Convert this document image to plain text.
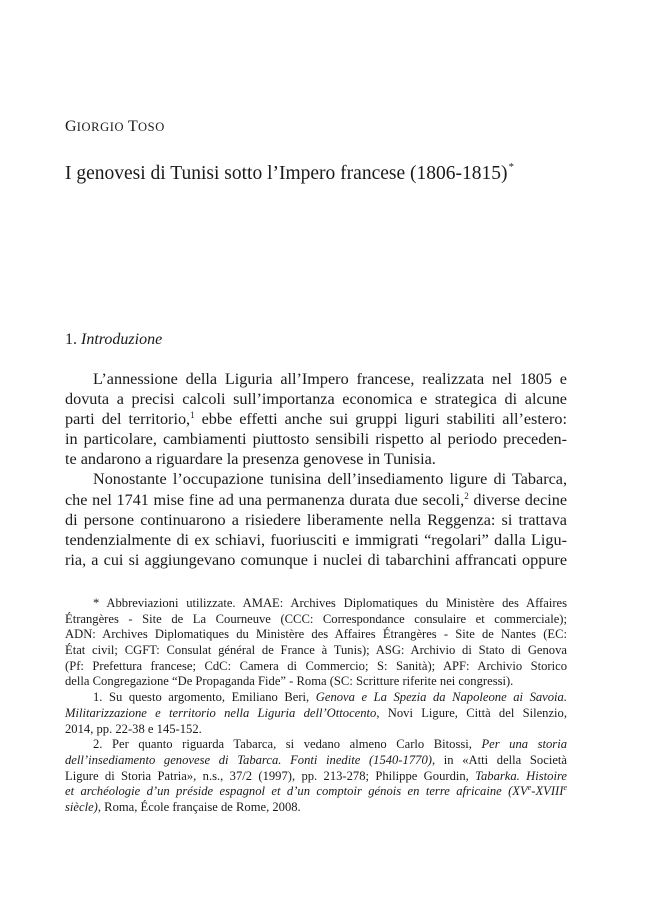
GIORGIO TOSO
I genovesi di Tunisi sotto l’Impero francese (1806-1815)*
1. Introduzione
L’annessione della Liguria all’Impero francese, realizzata nel 1805 e
dovuta a precisi calcoli sull’importanza economica e strategica di alcune
parti del territorio,$^1$ ebbe effetti anche sui gruppi liguri stabiliti all’estero:
in particolare, cambiamenti piuttosto sensibili rispetto al periodo preceden-
te andarono a riguardare la presenza genovese in Tunisia.
Nonostante l’occupazione tunisina dell’insediamento ligure di Tabarca,
che nel 1741 mise fine ad una permanenza durata due secoli,$^2$ diverse decine
di persone continuarono a risiedere liberamente nella Reggenza: si trattava
tendenzialmente di ex schiavi, fuoriusciti e immigrati “regolari” dalla Ligu-
ria, a cui si aggiungevano comunque i nuclei di tabarchini affrancati oppure
* Abbreviazioni utilizzate. AMAE: Archives Diplomatiques du Ministère des Affaires
Étrangères - Site de La Courneuve (CCC: Correspondance consulaire et commerciale);
ADN: Archives Diplomatiques du Ministère des Affaires Étrangères - Site de Nantes (EC:
État civil; CGFT: Consulat général de France à Tunis); ASG: Archivio di Stato di Genova
(Pf: Prefettura francese; CdC: Camera di Commercio; S: Sanità); APF: Archivio Storico
della Congregazione “De Propaganda Fide” - Roma (SC: Scritture riferite nei congressi).
1. Su questo argomento, Emiliano Beri, Genova e La Spezia da Napoleone ai Savoia.
Militarizzazione e territorio nella Liguria dell’Ottocento, Novi Ligure, Città del Silenzio,
2014, pp. 22-38 e 145-152.
2. Per quanto riguarda Tabarca, si vedano almeno Carlo Bitossi, Per una storia
dell’insediamento genovese di Tabarca. Fonti inedite (1540-1770), in «Atti della Società
Ligure di Storia Patria», n.s., 37/2 (1997), pp. 213-278; Philippe Gourdin, Tabarka. Histoire
et archéologie d’un préside espagnol et d’un comptoir génois en terre africaine (XVe-XVIIIe
siècle), Roma, École française de Rome, 2008.
